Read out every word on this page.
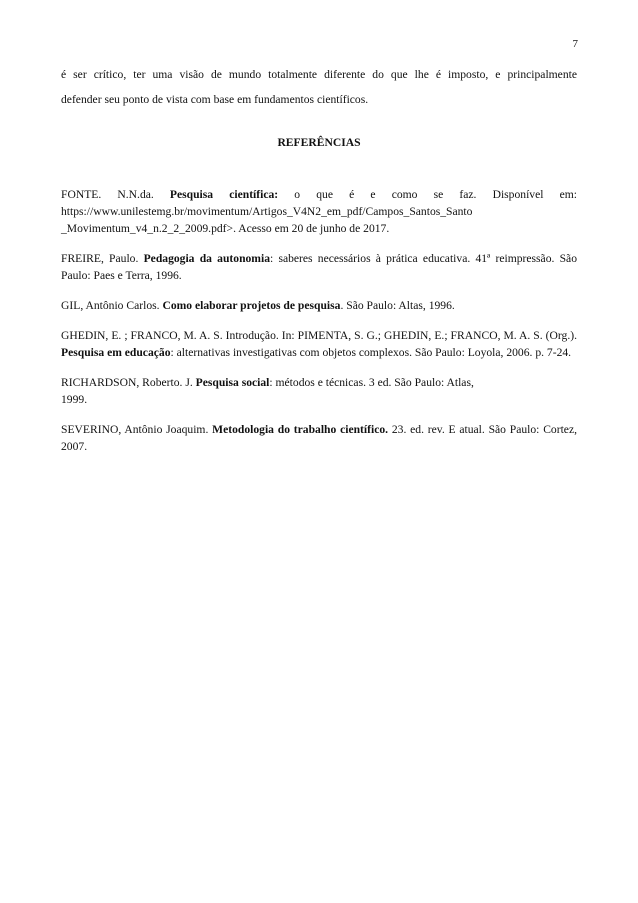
7
é ser crítico, ter uma visão de mundo totalmente diferente do que lhe é imposto, e principalmente
defender seu ponto de vista com base em fundamentos científicos.
REFERÊNCIAS

FONTE. N.N.da. Pesquisa científica: o que é e como se faz. Disponível em:
https://www.unilestemg.br/movimentum/Artigos_V4N2_em_pdf/Campos_Santos_Santo
_Movimentum_v4_n.2_2_2009.pdf>. Acesso em 20 de junho de 2017.

FREIRE, Paulo. Pedagogia da autonomia: saberes necessários à prática educativa. 41ª reimpressão. São Paulo: Paes e Terra, 1996.

GIL, Antônio Carlos. Como elaborar projetos de pesquisa. São Paulo: Altas, 1996.

GHEDIN, E. ; FRANCO, M. A. S. Introdução. In: PIMENTA, S. G.; GHEDIN, E.; FRANCO, M. A. S. (Org.). Pesquisa em educação: alternativas investigativas com objetos complexos. São Paulo: Loyola, 2006. p. 7-24.

RICHARDSON, Roberto. J. Pesquisa social: métodos e técnicas. 3 ed. São Paulo: Atlas,
1999.

SEVERINO, Antônio Joaquim. Metodologia do trabalho científico. 23. ed. rev. E atual. São Paulo: Cortez, 2007.
